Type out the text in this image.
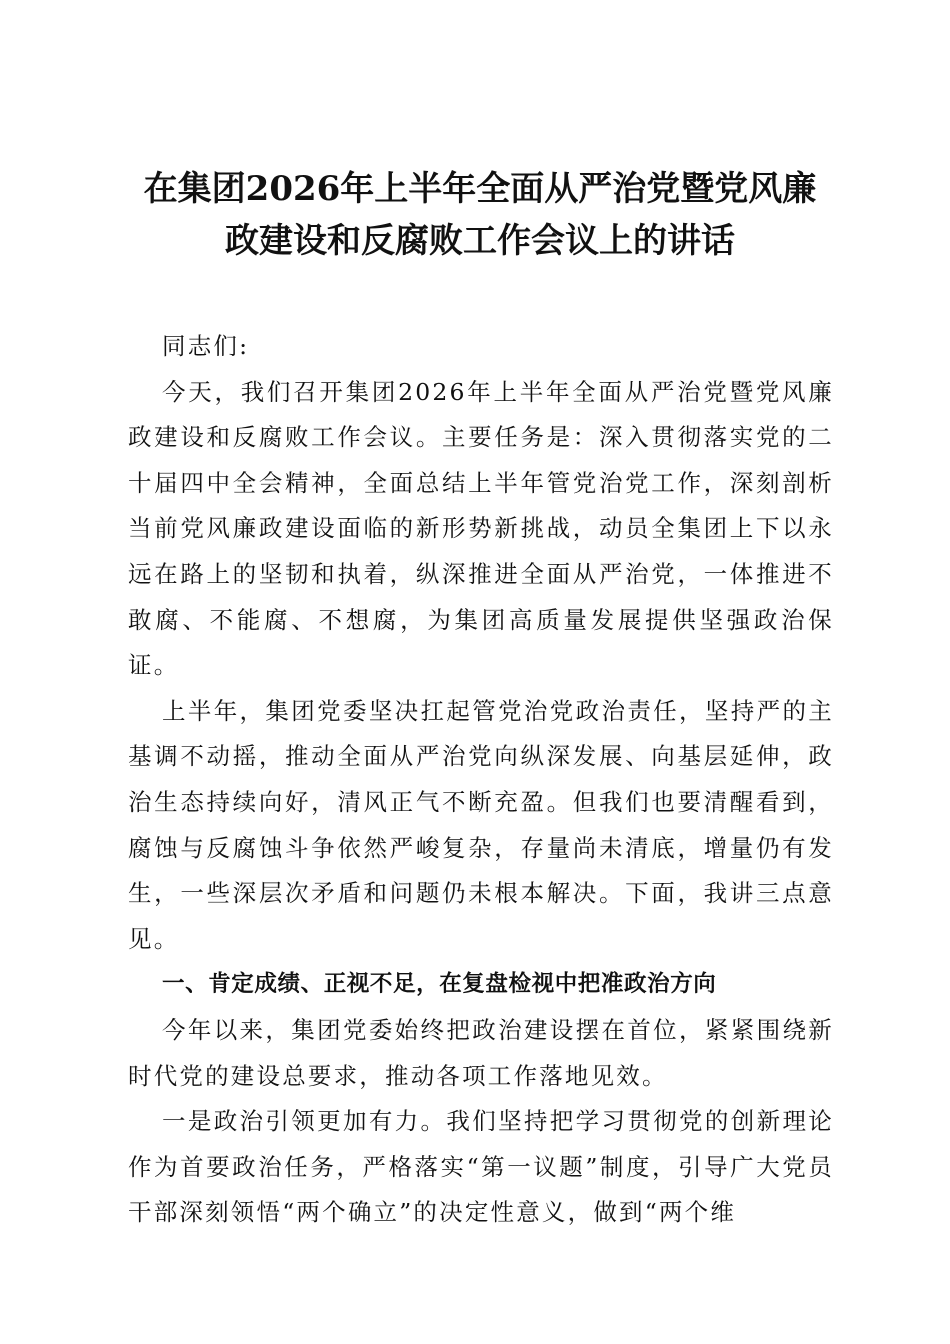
在集团2026年上半年全面从严治党暨党风廉
政建设和反腐败工作会议上的讲话

同志们:

今天，我们召开集团2026年上半年全面从严治党暨党风廉政建设和反腐败工作会议。主要任务是：深入贯彻落实党的二十届四中全会精神，全面总结上半年管党治党工作，深刻剖析当前党风廉政建设面临的新形势新挑战，动员全集团上下以永远在路上的坚韧和执着，纵深推进全面从严治党，一体推进不敢腐、不能腐、不想腐，为集团高质量发展提供坚强政治保证。

上半年，集团党委坚决扛起管党治党政治责任，坚持严的主基调不动摇，推动全面从严治党向纵深发展、向基层延伸，政治生态持续向好，清风正气不断充盈。但我们也要清醒看到，腐蚀与反腐蚀斗争依然严峻复杂，存量尚未清底，增量仍有发生，一些深层次矛盾和问题仍未根本解决。下面，我讲三点意见。

一、肯定成绩、正视不足，在复盘检视中把准政治方向

今年以来，集团党委始终把政治建设摆在首位，紧紧围绕新时代党的建设总要求，推动各项工作落地见效。

一是政治引领更加有力。我们坚持把学习贯彻党的创新理论作为首要政治任务，严格落实“第一议题”制度，引导广大党员干部深刻领悟“两个确立”的决定性意义，做到“两个维
